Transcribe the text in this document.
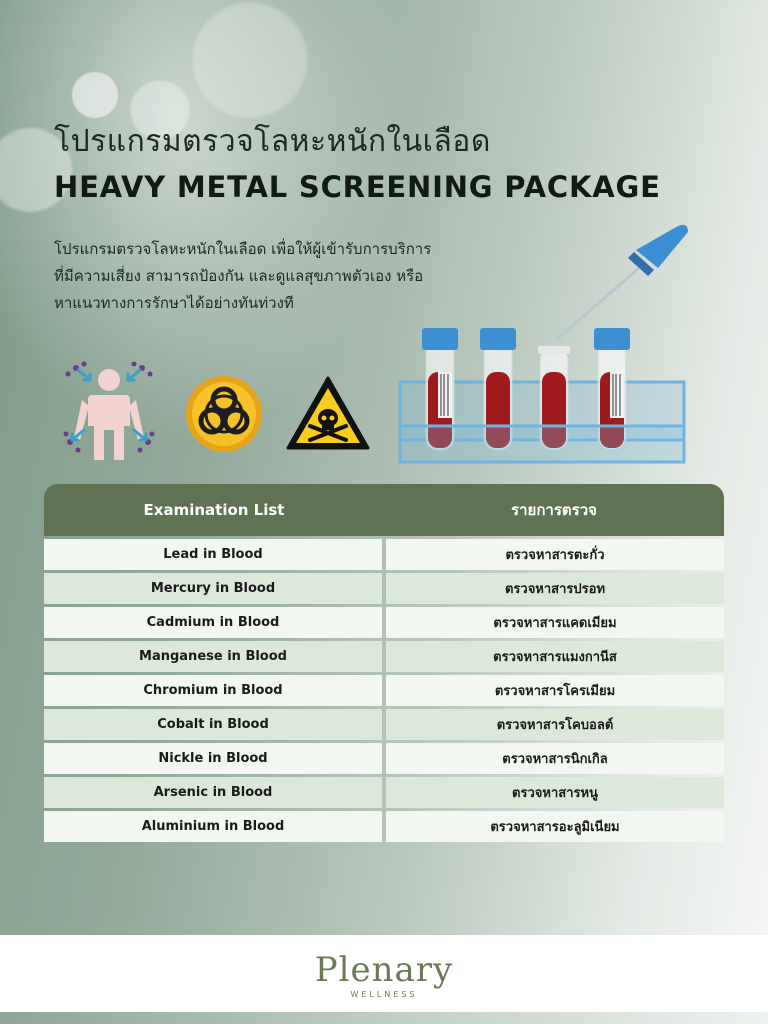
โปรแกรมตรวจโลหะหนักในเลือด
HEAVY METAL SCREENING PACKAGE

โปรแกรมตรวจโลหะหนักในเลือด เพื่อให้ผู้เข้ารับการบริการที่มีความเสี่ยง สามารถป้องกัน และดูแลสุขภาพตัวเอง หรือหาแนวทางการรักษาได้อย่างทันท่วงที

Examination List	รายการตรวจ
Lead in Blood	ตรวจหาสารตะกั่ว
Mercury in Blood	ตรวจหาสารปรอท
Cadmium in Blood	ตรวจหาสารแคดเมียม
Manganese in Blood	ตรวจหาสารแมงกานีส
Chromium in Blood	ตรวจหาสารโครเมียม
Cobalt in Blood	ตรวจหาสารโคบอลต์
Nickle in Blood	ตรวจหาสารนิกเกิล
Arsenic in Blood	ตรวจหาสารหนู
Aluminium in Blood	ตรวจหาสารอะลูมิเนียม
Plenary
WELLNESS
